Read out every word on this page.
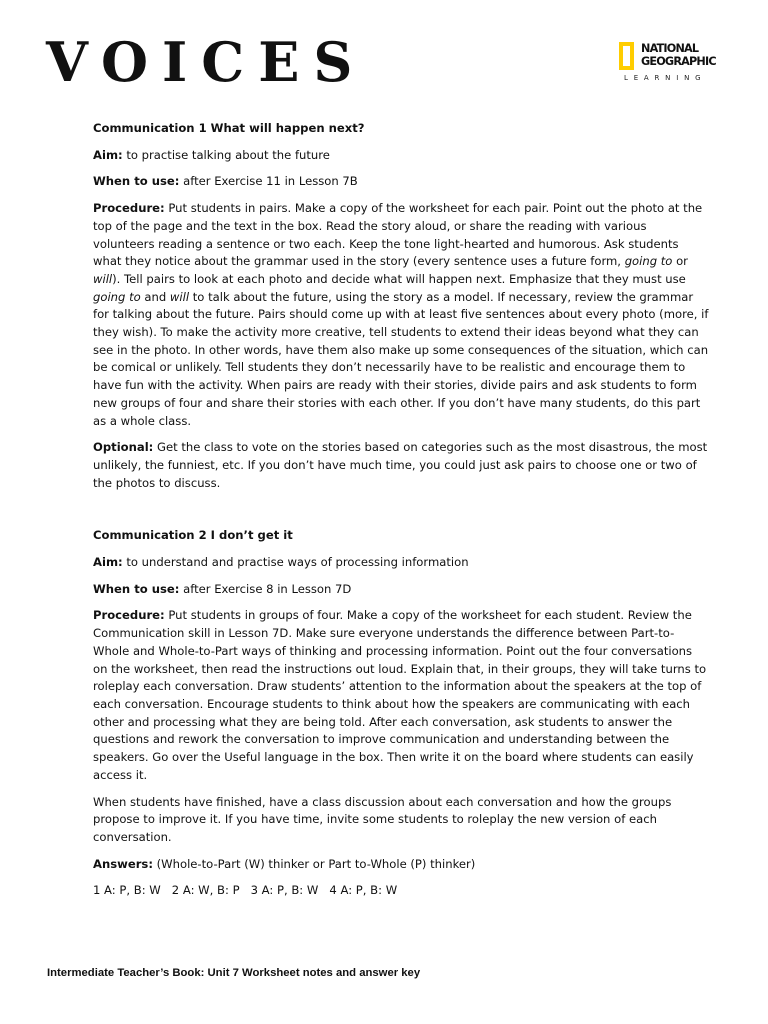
VOICES	NATIONAL
GEOGRAPHIC
LEARNING

Communication 1 What will happen next?

Aim: to practise talking about the future

When to use: after Exercise 11 in Lesson 7B

Procedure: Put students in pairs. Make a copy of the worksheet for each pair. Point out the photo at the top of the page and the text in the box. Read the story aloud, or share the reading with various volunteers reading a sentence or two each. Keep the tone light-hearted and humorous. Ask students what they notice about the grammar used in the story (every sentence uses a future form, going to or will). Tell pairs to look at each photo and decide what will happen next. Emphasize that they must use going to and will to talk about the future, using the story as a model. If necessary, review the grammar for talking about the future. Pairs should come up with at least five sentences about every photo (more, if they wish). To make the activity more creative, tell students to extend their ideas beyond what they can see in the photo. In other words, have them also make up some consequences of the situation, which can be comical or unlikely. Tell students they don’t necessarily have to be realistic and encourage them to have fun with the activity. When pairs are ready with their stories, divide pairs and ask students to form new groups of four and share their stories with each other. If you don’t have many students, do this part as a whole class.

Optional: Get the class to vote on the stories based on categories such as the most disastrous, the most unlikely, the funniest, etc. If you don’t have much time, you could just ask pairs to choose one or two of the photos to discuss.

Communication 2 I don’t get it

Aim: to understand and practise ways of processing information

When to use: after Exercise 8 in Lesson 7D

Procedure: Put students in groups of four. Make a copy of the worksheet for each student. Review the Communication skill in Lesson 7D. Make sure everyone understands the difference between Part-to-Whole and Whole-to-Part ways of thinking and processing information. Point out the four conversations on the worksheet, then read the instructions out loud. Explain that, in their groups, they will take turns to roleplay each conversation. Draw students’ attention to the information about the speakers at the top of each conversation. Encourage students to think about how the speakers are communicating with each other and processing what they are being told. After each conversation, ask students to answer the questions and rework the conversation to improve communication and understanding between the speakers. Go over the Useful language in the box. Then write it on the board where students can easily access it.

When students have finished, have a class discussion about each conversation and how the groups propose to improve it. If you have time, invite some students to roleplay the new version of each conversation.

Answers: (Whole-to-Part (W) thinker or Part to-Whole (P) thinker)

1 A: P, B: W   2 A: W, B: P   3 A: P, B: W   4 A: P, B: W

Intermediate Teacher’s Book: Unit 7 Worksheet notes and answer key
